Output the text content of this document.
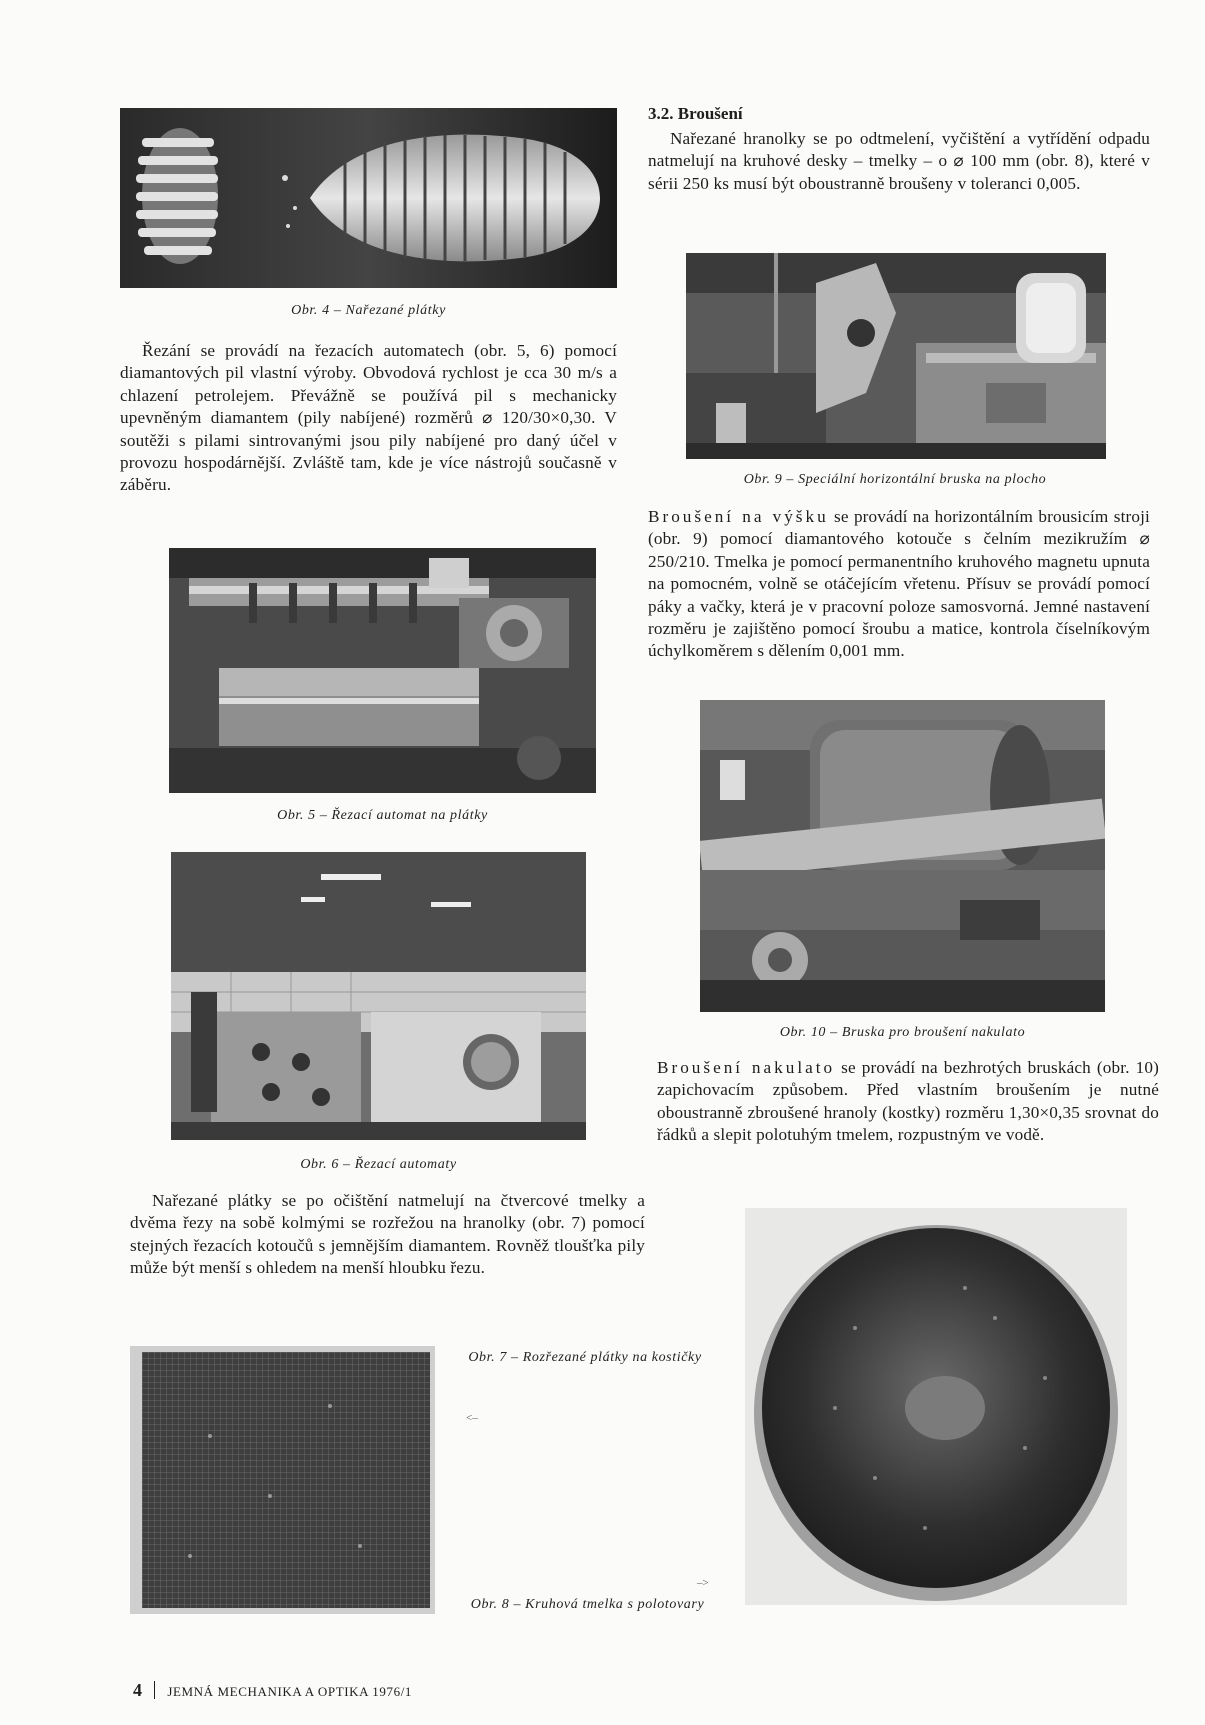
Obr. 4 – Nařezané plátky
3.2. Broušení
Nařezané hranolky se po odtmelení, vyčištění a vytřídění odpadu natmelují na kruhové desky – tmelky – o ⌀ 100 mm (obr. 8), které v sérii 250 ks musí být oboustranně broušeny v toleranci 0,005.
Řezání se provádí na řezacích automatech (obr. 5, 6) pomocí diamantových pil vlastní výroby. Obvodová rychlost je cca 30 m/s a chlazení petrolejem. Převážně se používá pil s mechanicky upevněným diamantem (pily nabíjené) rozměrů ⌀ 120/30×0,30. V soutěži s pilami sintrovanými jsou pily nabíjené pro daný účel v provozu hospodárnější. Zvláště tam, kde je více nástrojů současně v záběru.	Obr. 9 – Speciální horizontální bruska na plocho
Broušení na výšku se provádí na horizontálním brousicím stroji (obr. 9) pomocí diamantového kotouče s čelním mezikružím ⌀ 250/210. Tmelka je pomocí permanentního kruhového magnetu upnuta na pomocném, volně se otáčejícím vřetenu. Přísuv se provádí pomocí páky a vačky, která je v pracovní poloze samosvorná. Jemné nastavení rozměru je zajištěno pomocí šroubu a matice, kontrola číselníkovým úchylkoměrem s dělením 0,001 mm.
Obr. 5 – Řezací automat na plátky
Obr. 10 – Bruska pro broušení nakulato
Obr. 6 – Řezací automaty
Broušení nakulato se provádí na bezhrotých bruskách (obr. 10) zapichovacím způsobem. Před vlastním broušením je nutné oboustranně zbroušené hranoly (kostky) rozměru 1,30×0,35 srovnat do řádků a slepit polotuhým tmelem, rozpustným ve vodě.
Nařezané plátky se po očištění natmelují na čtvercové tmelky a dvěma řezy na sobě kolmými se rozřežou na hranolky (obr. 7) pomocí stejných řezacích kotoučů s jemnějším diamantem. Rovněž tloušťka pily může být menší s ohledem na menší hloubku řezu.
Obr. 7 – Rozřezané plátky na kostičky
<–
–>
Obr. 8 – Kruhová tmelka s polotovary
4 JEMNÁ MECHANIKA A OPTIKA 1976/1
